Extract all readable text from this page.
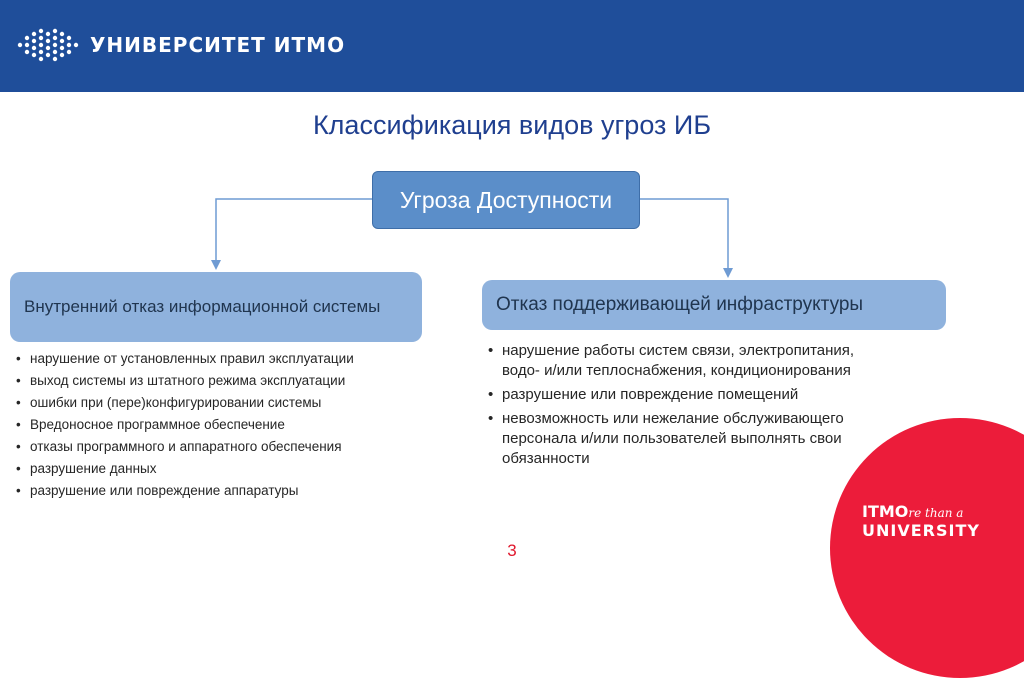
УНИВЕРСИТЕТ ИТМО
Классификация видов угроз ИБ
Угроза Доступности
Внутренний отказ информационной системы
• нарушение от установленных правил эксплуатации
• выход системы из штатного режима эксплуатации
• ошибки при (пере)конфигурировании системы
• Вредоносное программное обеспечение
• отказы программного и аппаратного обеспечения
• разрушение данных
• разрушение или повреждение аппаратуры
Отказ поддерживающей инфраструктуры
• нарушение работы систем связи, электропитания,
водо- и/или теплоснабжения, кондиционирования
• разрушение или повреждение помещений
• невозможность или нежелание обслуживающего
персонала и/или пользователей выполнять свои обязанности
3
ITMOre than a
UNIVERSITY
